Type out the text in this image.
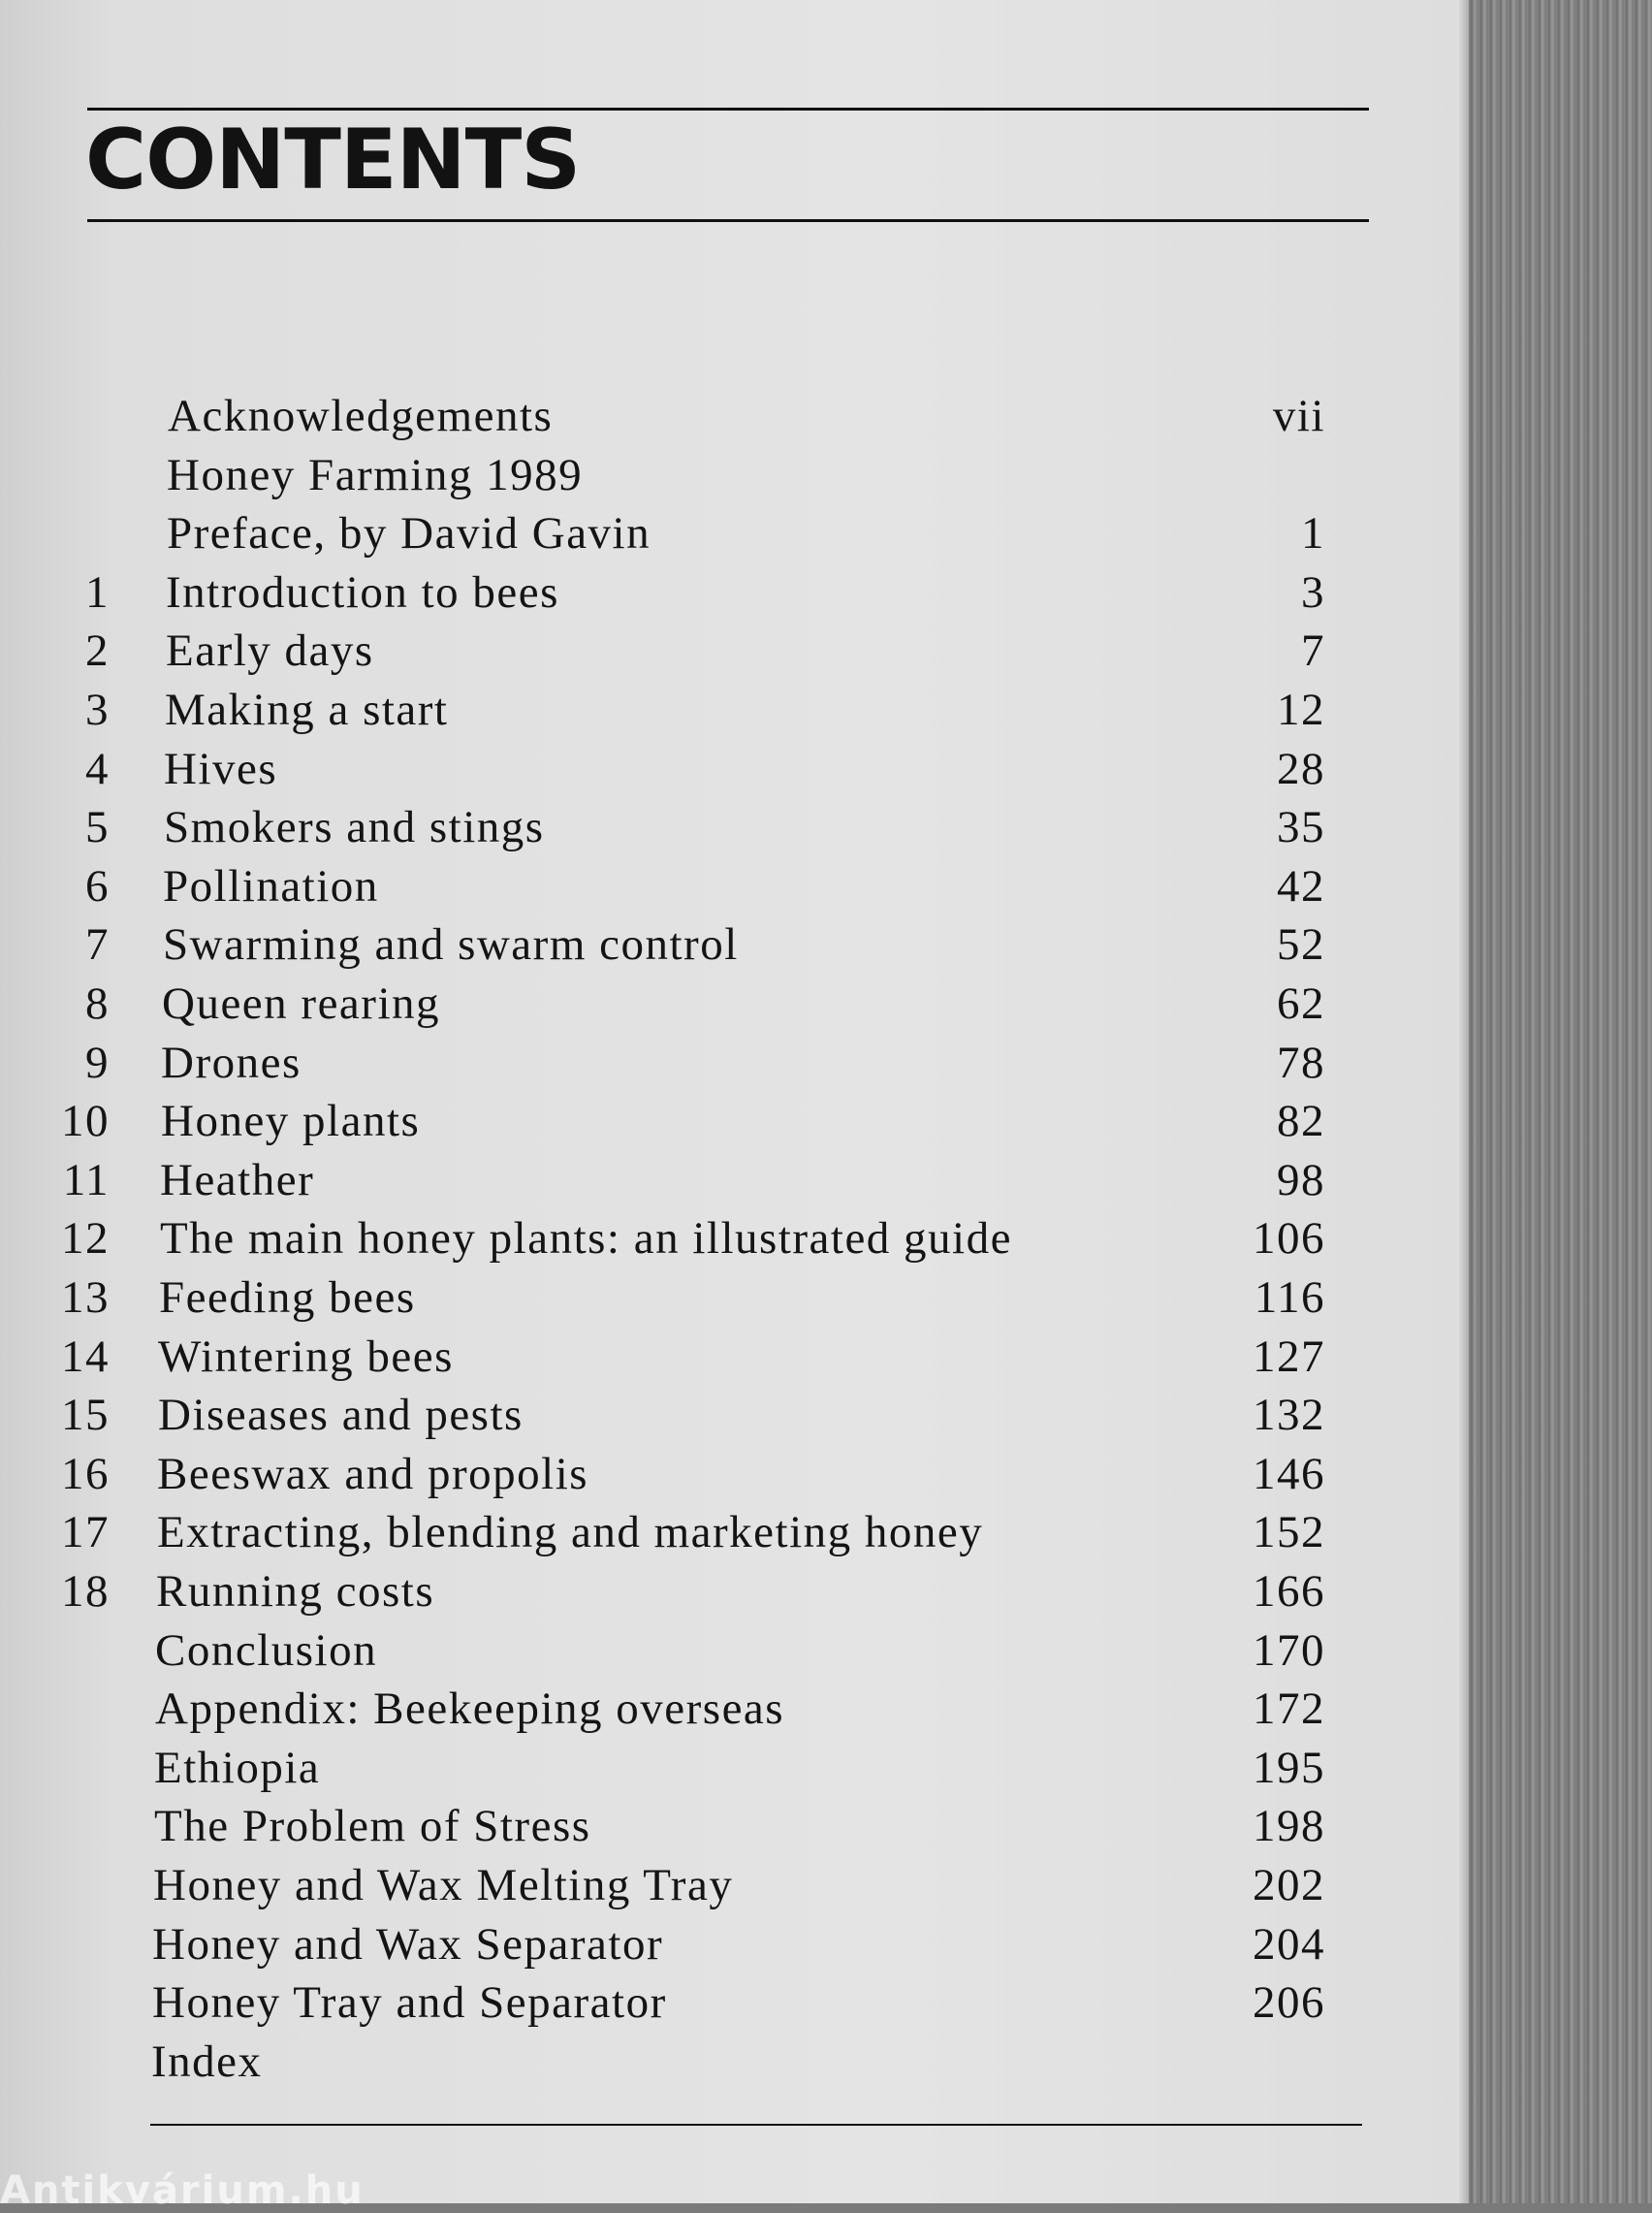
CONTENTS
Acknowledgements	vii
Honey Farming 1989
Preface, by David Gavin	1
1 Introduction to bees	3
2 Early days	7
3 Making a start	12
4 Hives	28
5 Smokers and stings	35
6 Pollination	42
7 Swarming and swarm control	52
8 Queen rearing	62
9 Drones	78
10 Honey plants	82
11 Heather	98
12 The main honey plants: an illustrated guide	106
13 Feeding bees	116
14 Wintering bees	127
15 Diseases and pests	132
16 Beeswax and propolis	146
17 Extracting, blending and marketing honey	152
18 Running costs	166
Conclusion	170
Appendix: Beekeeping overseas	172
Ethiopia	195
The Problem of Stress	198
Honey and Wax Melting Tray	202
Honey and Wax Separator	204
Honey Tray and Separator	206
Index
Antikvárium.hu
